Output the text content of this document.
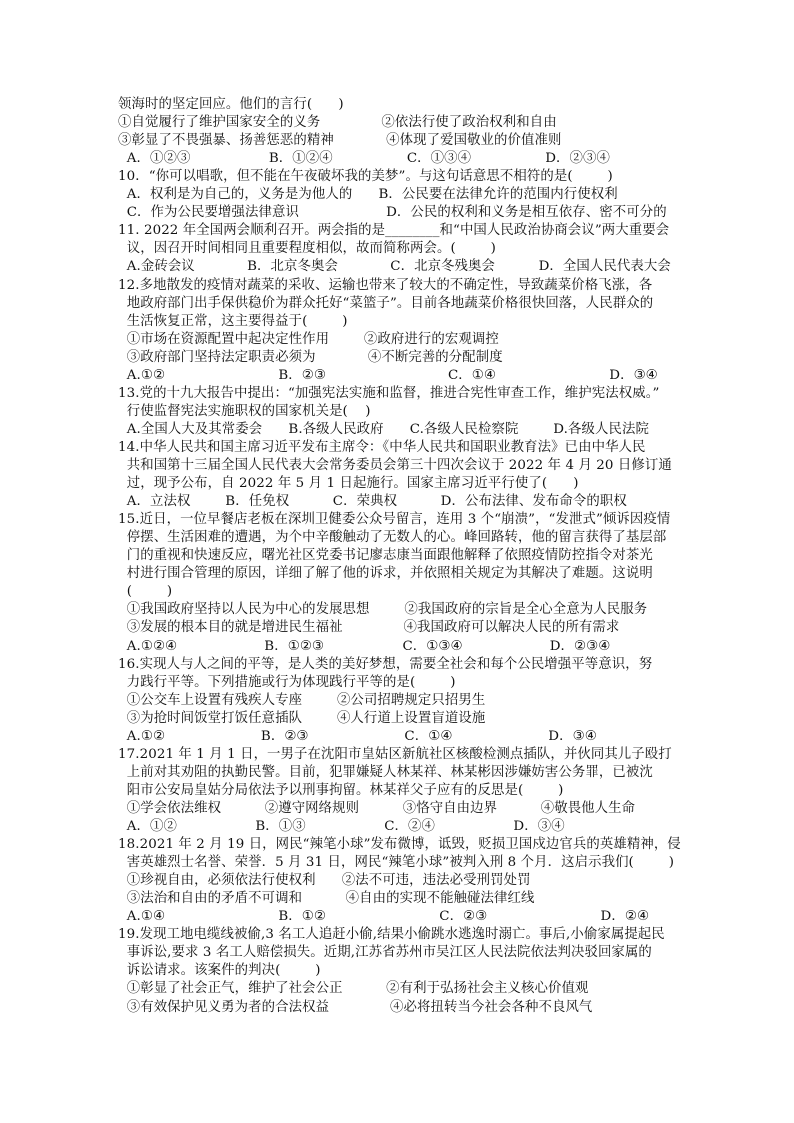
领海时的坚定回应。他们的言行(      )
①自觉履行了维护国家安全的义务              ②依法行使了政治权利和自由
③彰显了不畏强暴、扬善惩恶的精神            ④体现了爱国敬业的价值准则
A．①②③                  B．①②④                 C．①③④                 D．②③④
10．“你可以唱歌，但不能在午夜破坏我的美梦”。与这句话意思不相符的是(        )
A．权利是为自己的，义务是为他人的      B．公民要在法律允许的范围内行使权利
C．作为公民要增强法律意识                    D．公民的权利和义务是相互依存、密不可分的
11. 2022 年全国两会顺利召开。两会指的是________和“中国人民政治协商会议”两大重要会
议，因召开时间相同且重要程度相似，故而简称两会。(        )
A.金砖会议            B．北京冬奥会            C．北京冬残奥会          D．全国人民代表大会
12.多地散发的疫情对蔬菜的采收、运输也带来了较大的不确定性，导致蔬菜价格飞涨，各
地政府部门出手保供稳价为群众托好“菜篮子”。目前各地蔬菜价格很快回落，人民群众的
生活恢复正常，这主要得益于(        )
①市场在资源配置中起决定性作用        ②政府进行的宏观调控
③政府部门坚持法定职责必须为            ④不断完善的分配制度
A.①②                          B．②③                            C．①④                          D．③④
13.党的十九大报告中提出：“加强宪法实施和监督，推进合宪性审查工作，维护宪法权威。”
行使监督宪法实施职权的国家机关是(    )
A.全国人大及其常委会      B.各级人民政府      C.各级人民检察院        D.各级人民法院
14.中华人民共和国主席习近平发布主席令：《中华人民共和国职业教育法》已由中华人民
共和国第十三届全国人民代表大会常务委员会第三十四次会议于 2022 年 4 月 20 日修订通
过，现予公布，自 2022 年 5 月 1 日起施行。国家主席习近平行使了(      )
A．立法权        B．任免权          C．荣典权          D．公布法律、发布命令的职权
15.近日，一位早餐店老板在深圳卫健委公众号留言，连用 3 个“崩溃”，“发泄式”倾诉因疫情
停摆、生活困难的遭遇，为个中辛酸触动了无数人的心。峰回路转，他的留言获得了基层部
门的重视和快速反应，曙光社区党委书记廖志康当面跟他解释了依照疫情防控指令对茶光
村进行围合管理的原因，详细了解了他的诉求，并依照相关规定为其解决了难题。这说明
(        )
①我国政府坚持以人民为中心的发展思想        ②我国政府的宗旨是全心全意为人民服务
③发展的根本目的就是增进民生福祉              ④我国政府可以解决人民的所有需求
A.①②④                    B．①②③                  C．①③④                    D．②③④
16.实现人与人之间的平等，是人类的美好梦想，需要全社会和每个公民增强平等意识，努
力践行平等。下列措施或行为体现践行平等的是(        )
①公交车上设置有残疾人专座        ②公司招聘规定只招男生
③为抢时间饭堂打饭任意插队        ④人行道上设置盲道设施
A.①②                      B．②③                      C．①④                      D．③④
17.2021 年 1 月 1 日，一男子在沈阳市皇姑区新航社区核酸检测点插队，并伙同其儿子殴打
上前对其劝阻的执勤民警。目前，犯罪嫌疑人林某祥、林某彬因涉嫌妨害公务罪，已被沈
阳市公安局皇姑分局依法予以刑事拘留。林某祥父子应有的反思是(        )
①学会依法维权          ②遵守网络规则          ③恪守自由边界          ④敬畏他人生命
A．①②                  B．①③                  C．②④                  D．③④
18.2021 年 2 月 19 日，网民“辣笔小球”发布微博，诋毁，贬损卫国戍边官兵的英雄精神，侵
害英雄烈士名誉、荣誉．5 月 31 日，网民“辣笔小球”被判入刑 8 个月．这启示我们(        )
①珍视自由，必须依法行使权利      ②法不可违，违法必受刑罚处罚
③法治和自由的矛盾不可调和          ④自由的实现不能触碰法律红线
A.①④                          B．①②                          C．②③                          D．②④
19.发现工地电缆线被偷,3 名工人追赶小偷,结果小偷跳水逃逸时溺亡。事后,小偷家属提起民
事诉讼,要求 3 名工人赔偿损失。近期,江苏省苏州市吴江区人民法院依法判决驳回家属的
诉讼请求。该案件的判决(        )
①彰显了社会正气，维护了社会公正          ②有利于弘扬社会主义核心价值观
③有效保护见义勇为者的合法权益              ④必将扭转当今社会各种不良风气
